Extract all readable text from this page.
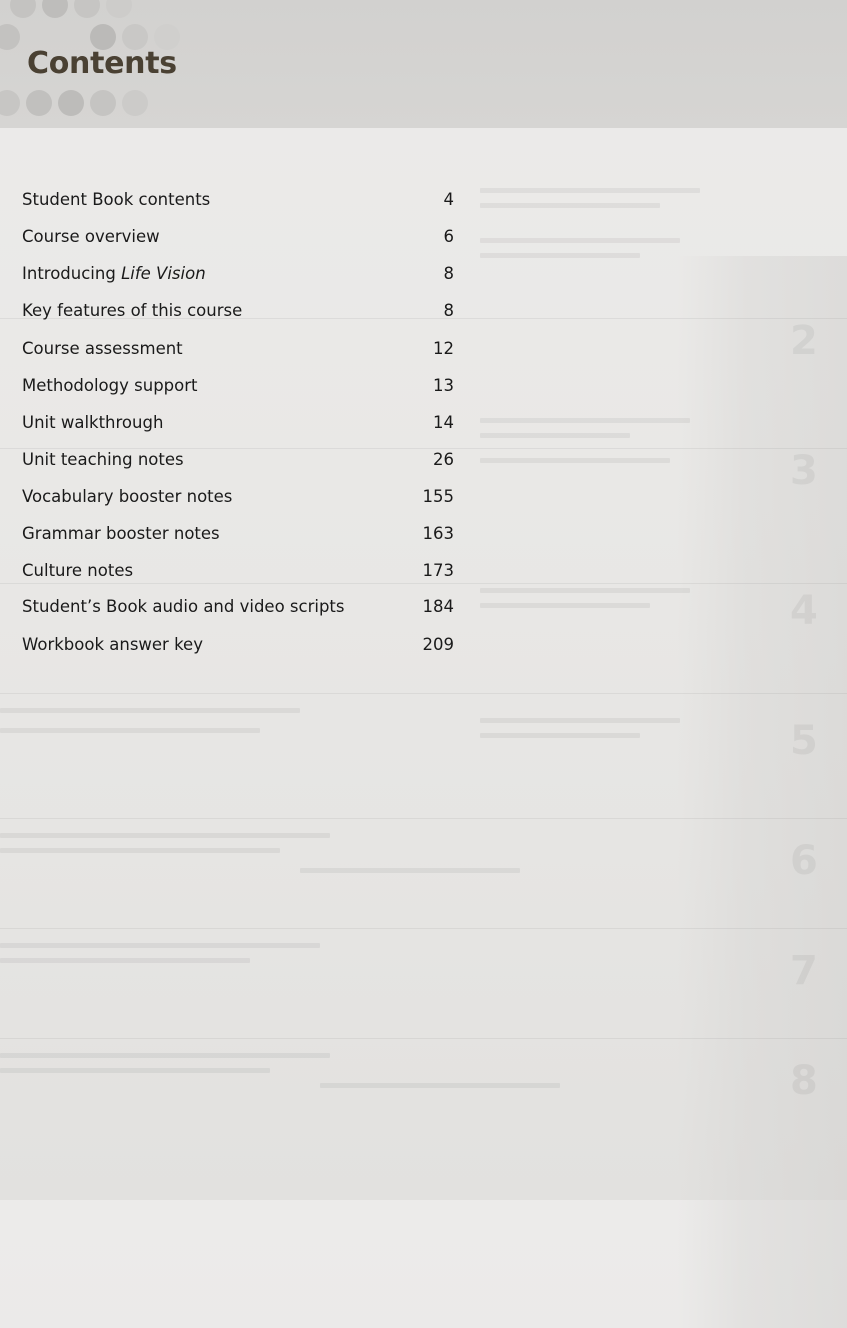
Contents
2
3
4
5
6
7
8
Student Book contents	4
Course overview	6
Introducing Life Vision	8
Key features of this course	8
Course assessment	12
Methodology support	13
Unit walkthrough	14
Unit teaching notes	26
Vocabulary booster notes	155
Grammar booster notes	163
Culture notes	173
Student’s Book audio and video scripts	184
Workbook answer key	209
